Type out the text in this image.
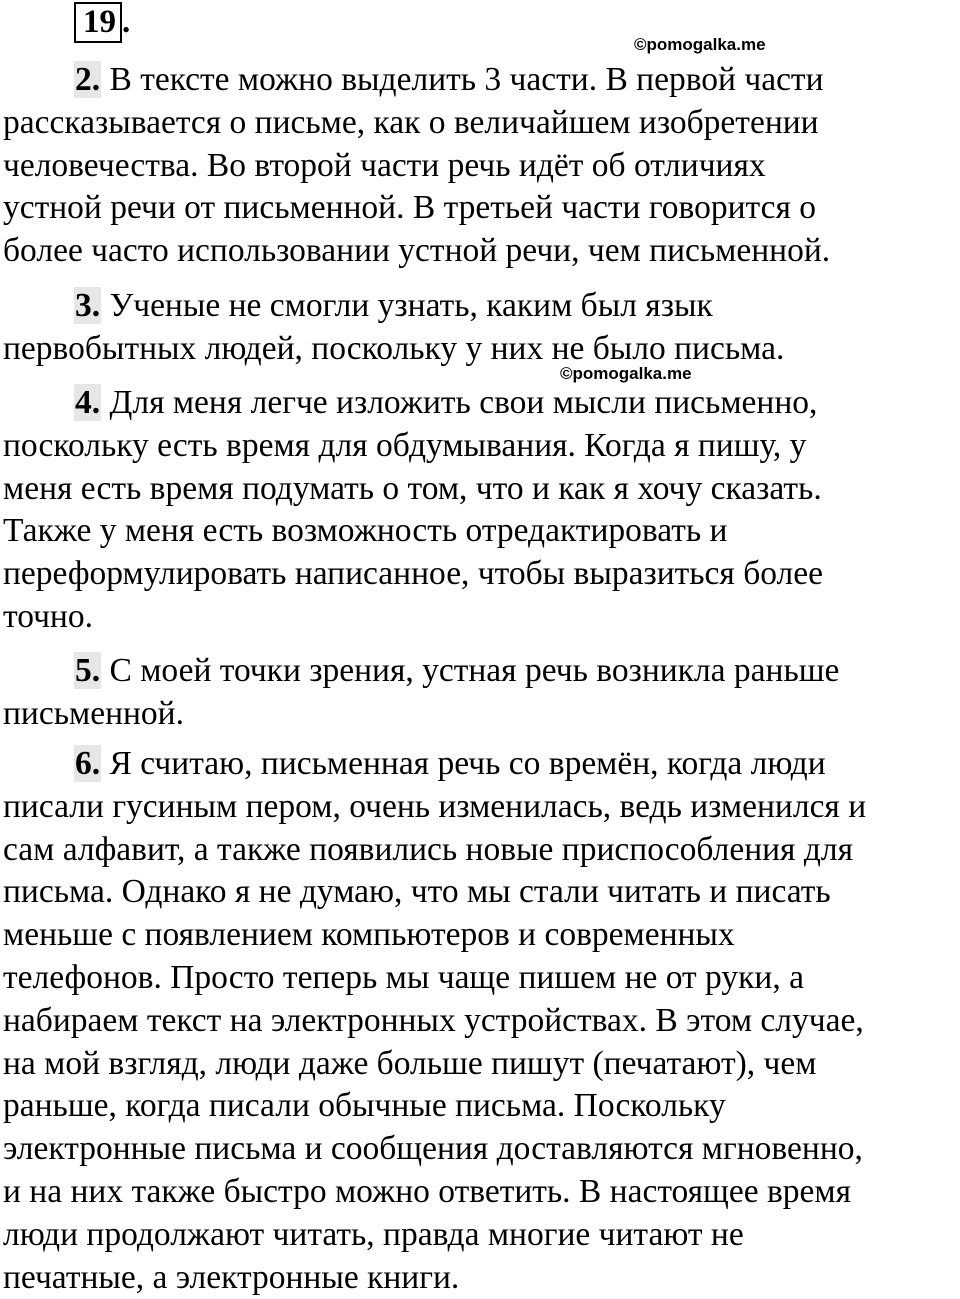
19 .
©pomogalka.me

2. В тексте можно выделить 3 части. В первой части
рассказывается о письме, как о величайшем изобретении
человечества. Во второй части речь идёт об отличиях
устной речи от письменной. В третьей части говорится о
более часто использовании устной речи, чем письменной.

3. Ученые не смогли узнать, каким был язык
первобытных людей, поскольку у них не было письма.

©pomogalka.me

4. Для меня легче изложить свои мысли письменно,
поскольку есть время для обдумывания. Когда я пишу, у
меня есть время подумать о том, что и как я хочу сказать.
Также у меня есть возможность отредактировать и
переформулировать написанное, чтобы выразиться более
точно.

5. С моей точки зрения, устная речь возникла раньше
письменной.

6. Я считаю, письменная речь со времён, когда люди
писали гусиным пером, очень изменилась, ведь изменился и
сам алфавит, а также появились новые приспособления для
письма. Однако я не думаю, что мы стали читать и писать
меньше с появлением компьютеров и современных
телефонов. Просто теперь мы чаще пишем не от руки, а
набираем текст на электронных устройствах. В этом случае,
на мой взгляд, люди даже больше пишут (печатают), чем
раньше, когда писали обычные письма. Поскольку
электронные письма и сообщения доставляются мгновенно,
и на них также быстро можно ответить. В настоящее время
люди продолжают читать, правда многие читают не
печатные, а электронные книги.
